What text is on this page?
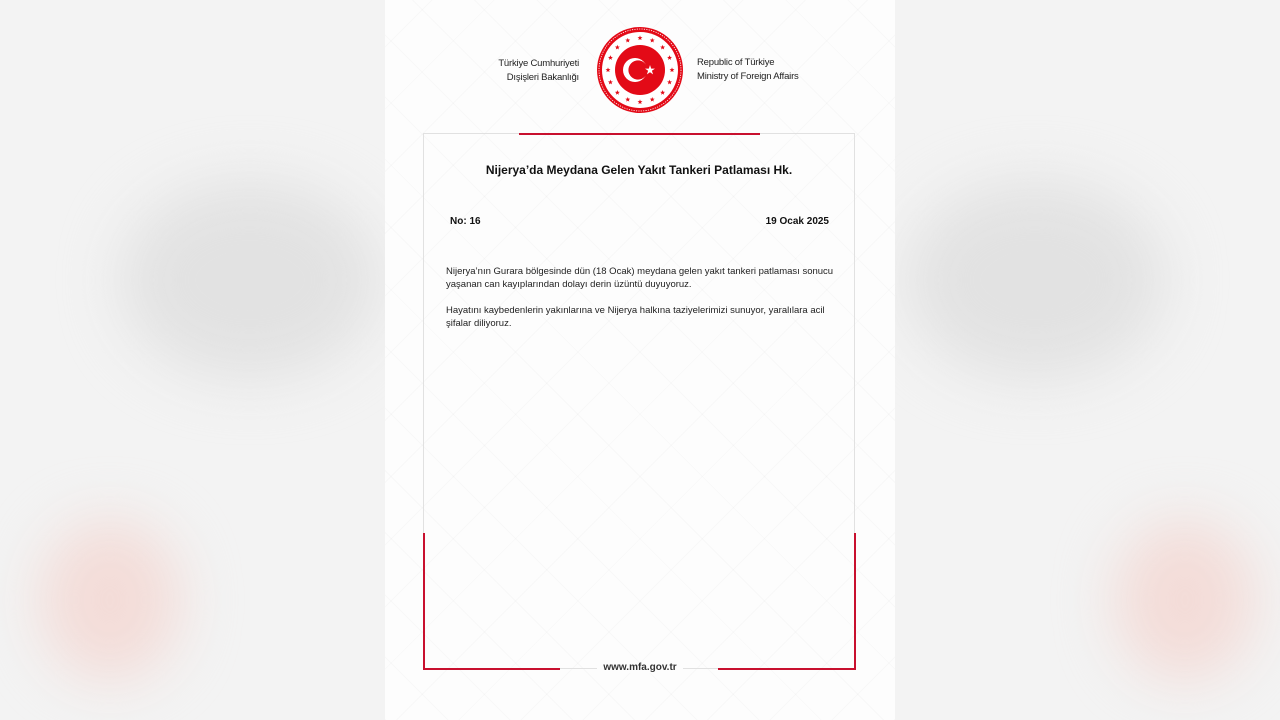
Türkiye Cumhuriyeti
Dışişleri Bakanlığı
Republic of Türkiye
Ministry of Foreign Affairs
Nijerya’da Meydana Gelen Yakıt Tankeri Patlaması Hk.
No: 16	19 Ocak 2025

Nijerya’nın Gurara bölgesinde dün (18 Ocak) meydana gelen yakıt tankeri patlaması sonucu yaşanan can kayıplarından dolayı derin üzüntü duyuyoruz.

Hayatını kaybedenlerin yakınlarına ve Nijerya halkına taziyelerimizi sunuyor, yaralılara acil şifalar diliyoruz.

www.mfa.gov.tr
